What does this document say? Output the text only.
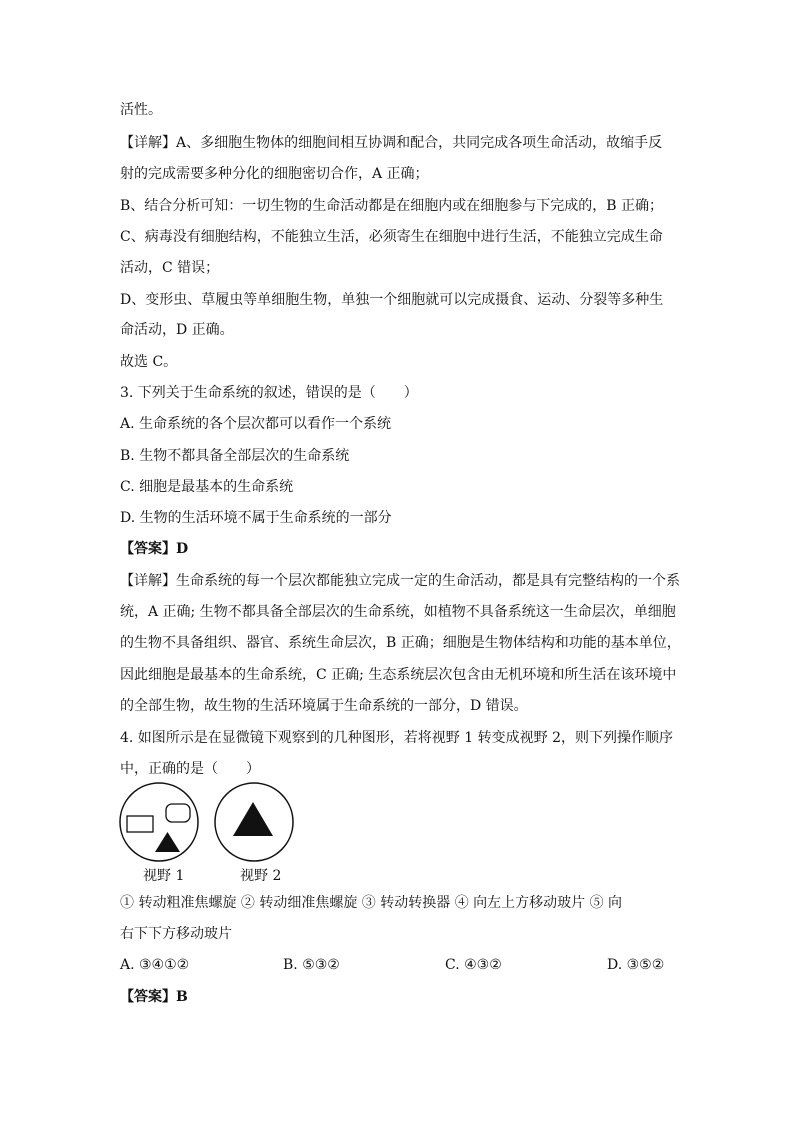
活性。
【详解】A、多细胞生物体的细胞间相互协调和配合，共同完成各项生命活动，故缩手反
射的完成需要多种分化的细胞密切合作，A 正确；
B、结合分析可知：一切生物的生命活动都是在细胞内或在细胞参与下完成的，B 正确；
C、病毒没有细胞结构，不能独立生活，必须寄生在细胞中进行生活，不能独立完成生命
活动，C 错误；
D、变形虫、草履虫等单细胞生物，单独一个细胞就可以完成摄食、运动、分裂等多种生
命活动，D 正确。
故选 C。
3. 下列关于生命系统的叙述，错误的是（　　）
A. 生命系统的各个层次都可以看作一个系统
B. 生物不都具备全部层次的生命系统
C. 细胞是最基本的生命系统
D. 生物的生活环境不属于生命系统的一部分
【答案】D
【详解】生命系统的每一个层次都能独立完成一定的生命活动，都是具有完整结构的一个系
统，A 正确; 生物不都具备全部层次的生命系统，如植物不具备系统这一生命层次，单细胞
的生物不具备组织、器官、系统生命层次，B 正确；细胞是生物体结构和功能的基本单位，
因此细胞是最基本的生命系统，C 正确; 生态系统层次包含由无机环境和所生活在该环境中
的全部生物，故生物的生活环境属于生命系统的一部分，D 错误。
4. 如图所示是在显微镜下观察到的几种图形，若将视野 1 转变成视野 2，则下列操作顺序
中，正确的是（　　）
视野 1	视野 2
① 转动粗准焦螺旋 ② 转动细准焦螺旋 ③ 转动转换器 ④ 向左上方移动玻片 ⑤ 向
右下下方移动玻片
A. ③④①②	B. ⑤③②	C. ④③②	D. ③⑤②
【答案】B
